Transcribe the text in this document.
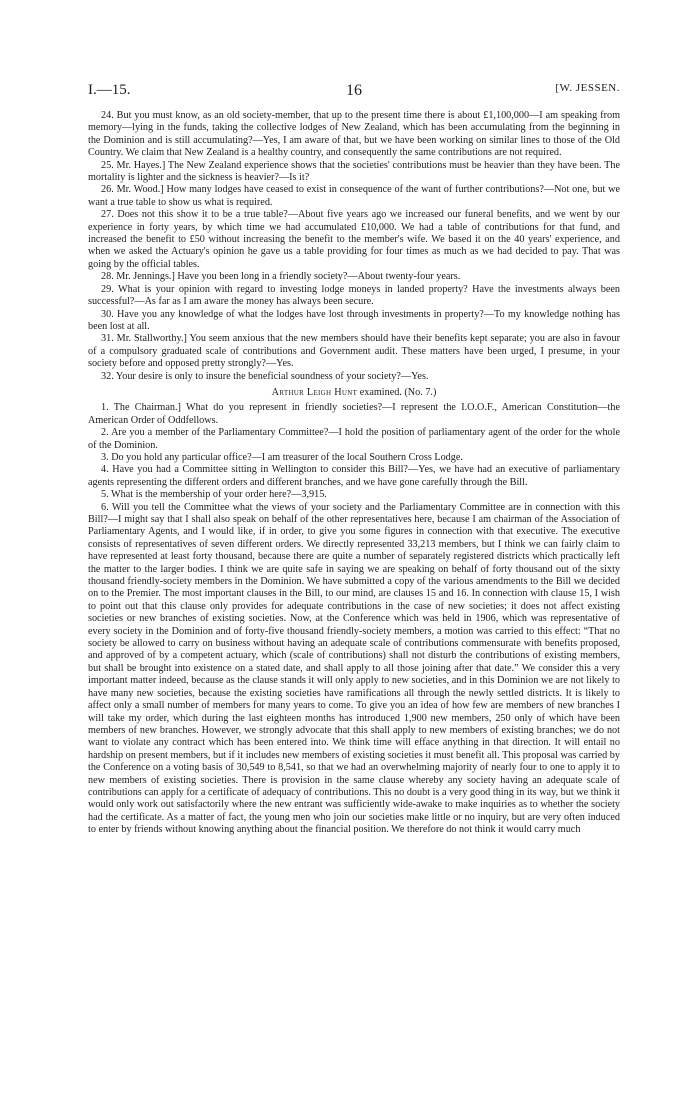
I.—15.	16	[W. JESSEN.

24. But you must know, as an old society-member, that up to the present time there is about £1,100,000—I am speaking from memory—lying in the funds, taking the collective lodges of New Zealand, which has been accumulating from the beginning in the Dominion and is still accumulating?—Yes, I am aware of that, but we have been working on similar lines to those of the Old Country. We claim that New Zealand is a healthy country, and consequently the same contributions are not required.

25. Mr. Hayes.] The New Zealand experience shows that the societies' contributions must be heavier than they have been. The mortality is lighter and the sickness is heavier?—Is it?

26. Mr. Wood.] How many lodges have ceased to exist in consequence of the want of further contributions?—Not one, but we want a true table to show us what is required.

27. Does not this show it to be a true table?—About five years ago we increased our funeral benefits, and we went by our experience in forty years, by which time we had accumulated £10,000. We had a table of contributions for that fund, and increased the benefit to £50 without increasing the benefit to the member's wife. We based it on the 40 years' experience, and when we asked the Actuary's opinion he gave us a table providing for four times as much as we had decided to pay. That was going by the official tables.

28. Mr. Jennings.] Have you been long in a friendly society?—About twenty-four years.

29. What is your opinion with regard to investing lodge moneys in landed property? Have the investments always been successful?—As far as I am aware the money has always been secure.

30. Have you any knowledge of what the lodges have lost through investments in property?—To my knowledge nothing has been lost at all.

31. Mr. Stallworthy.] You seem anxious that the new members should have their benefits kept separate; you are also in favour of a compulsory graduated scale of contributions and Government audit. These matters have been urged, I presume, in your society before and opposed pretty strongly?—Yes.

32. Your desire is only to insure the beneficial soundness of your society?—Yes.

Arthur Leigh Hunt examined. (No. 7.)

1. The Chairman.] What do you represent in friendly societies?—I represent the I.O.O.F., American Constitution—the American Order of Oddfellows.

2. Are you a member of the Parliamentary Committee?—I hold the position of parliamentary agent of the order for the whole of the Dominion.

3. Do you hold any particular office?—I am treasurer of the local Southern Cross Lodge.

4. Have you had a Committee sitting in Wellington to consider this Bill?—Yes, we have had an executive of parliamentary agents representing the different orders and different branches, and we have gone carefully through the Bill.

5. What is the membership of your order here?—3,915.

6. Will you tell the Committee what the views of your society and the Parliamentary Committee are in connection with this Bill?—I might say that I shall also speak on behalf of the other representatives here, because I am chairman of the Association of Parliamentary Agents, and I would like, if in order, to give you some figures in connection with that executive. The executive consists of representatives of seven different orders. We directly represented 33,213 members, but I think we can fairly claim to have represented at least forty thousand, because there are quite a number of separately registered districts which practically left the matter to the larger bodies. I think we are quite safe in saying we are speaking on behalf of forty thousand out of the sixty thousand friendly-society members in the Dominion. We have submitted a copy of the various amendments to the Bill we decided on to the Premier. The most important clauses in the Bill, to our mind, are clauses 15 and 16. In connection with clause 15, I wish to point out that this clause only provides for adequate contributions in the case of new societies; it does not affect existing societies or new branches of existing societies. Now, at the Conference which was held in 1906, which was representative of every society in the Dominion and of forty-five thousand friendly-society members, a motion was carried to this effect: “That no society be allowed to carry on business without having an adequate scale of contributions commensurate with benefits proposed, and approved of by a competent actuary, which (scale of contributions) shall not disturb the contributions of existing members, but shall be brought into existence on a stated date, and shall apply to all those joining after that date.” We consider this a very important matter indeed, because as the clause stands it will only apply to new societies, and in this Dominion we are not likely to have many new societies, because the existing societies have ramifications all through the newly settled districts. It is likely to affect only a small number of members for many years to come. To give you an idea of how few are members of new branches I will take my order, which during the last eighteen months has introduced 1,900 new members, 250 only of which have been members of new branches. However, we strongly advocate that this shall apply to new members of existing branches; we do not want to violate any contract which has been entered into. We think time will efface anything in that direction. It will entail no hardship on present members, but if it includes new members of existing societies it must benefit all. This proposal was carried by the Conference on a voting basis of 30,549 to 8,541, so that we had an overwhelming majority of nearly four to one to apply it to new members of existing societies. There is provision in the same clause whereby any society having an adequate scale of contributions can apply for a certificate of adequacy of contributions. This no doubt is a very good thing in its way, but we think it would only work out satisfactorily where the new entrant was sufficiently wide-awake to make inquiries as to whether the society had the certificate. As a matter of fact, the young men who join our societies make little or no inquiry, but are very often induced to enter by friends without knowing anything about the financial position. We therefore do not think it would carry much
